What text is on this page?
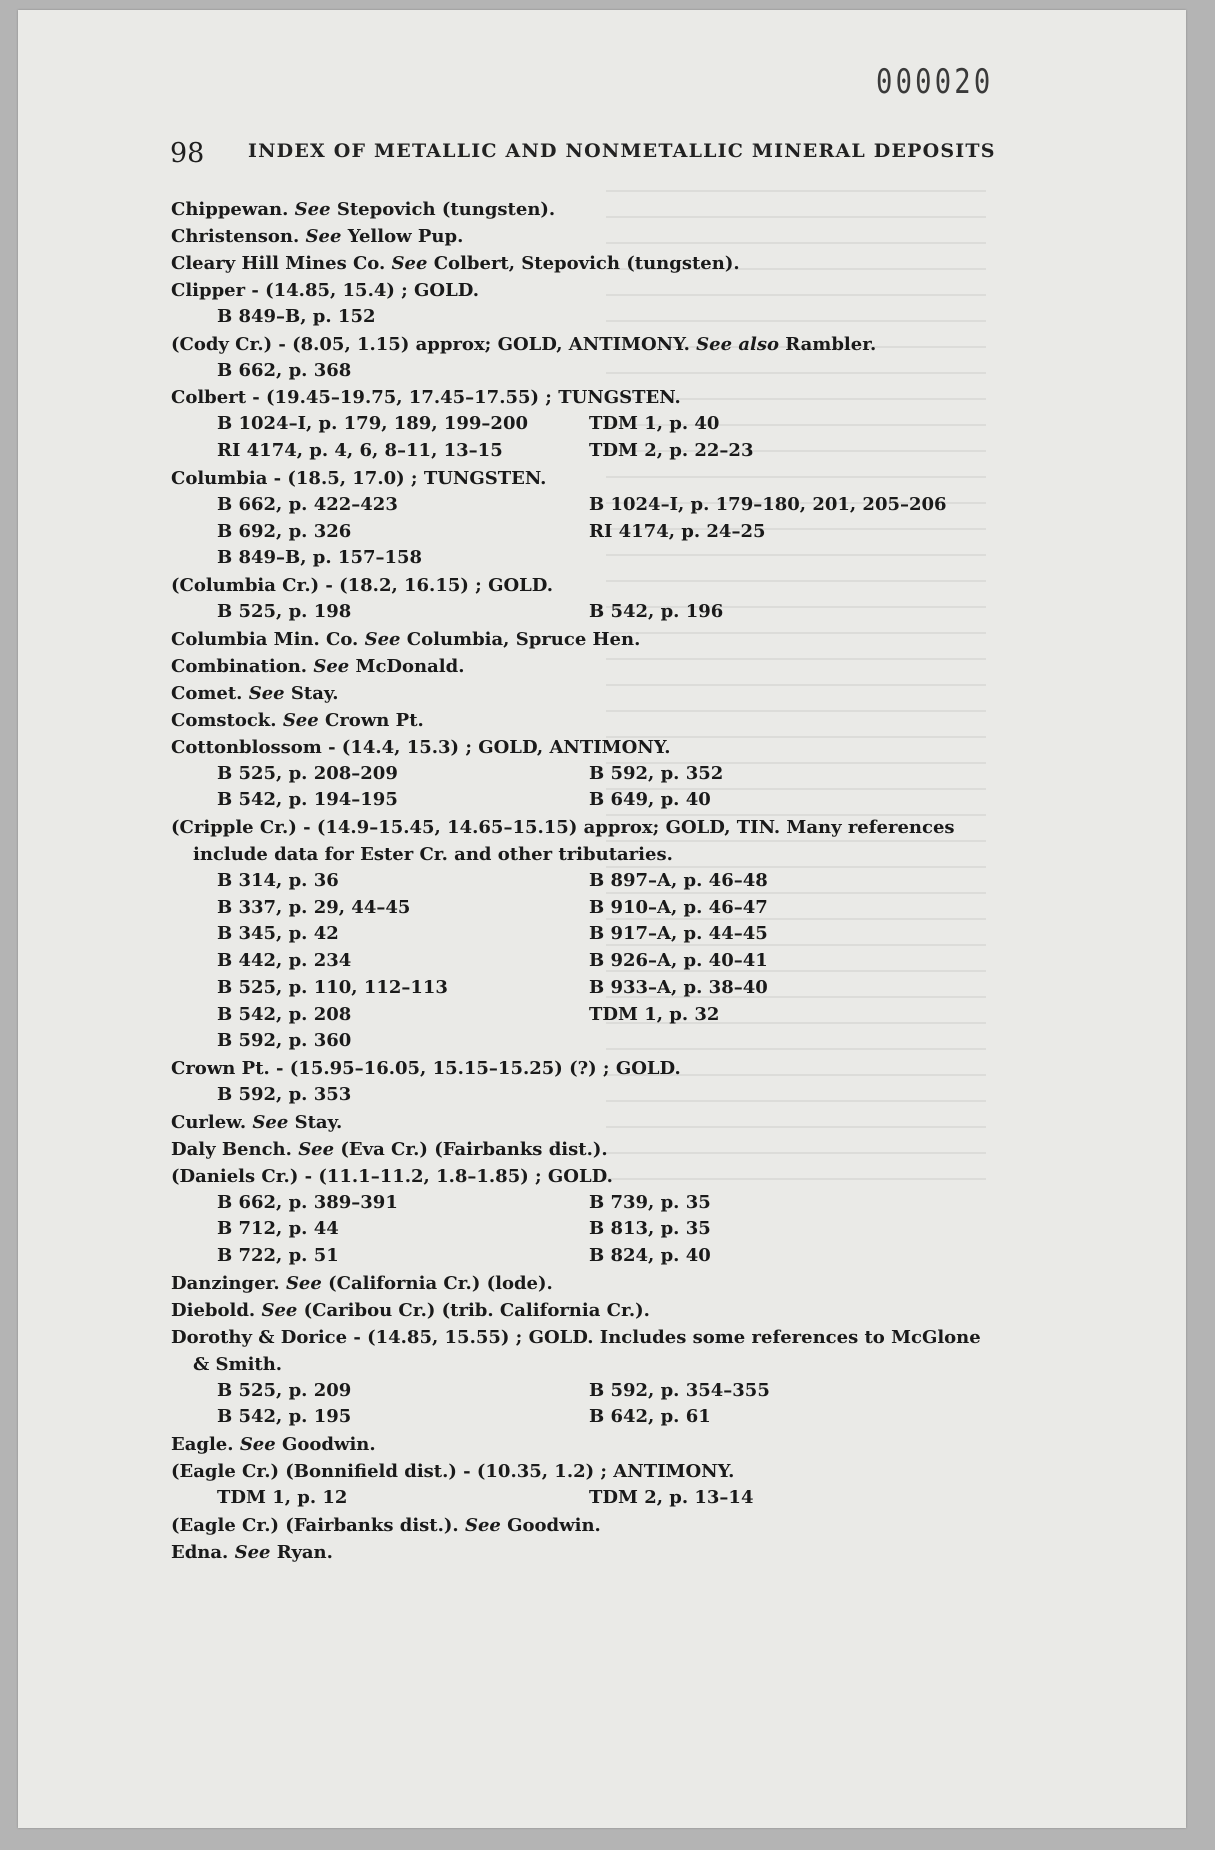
000020
98 INDEX OF METALLIC AND NONMETALLIC MINERAL DEPOSITS
Chippewan. See Stepovich (tungsten).
Christenson. See Yellow Pup.
Cleary Hill Mines Co. See Colbert, Stepovich (tungsten).
Clipper - (14.85, 15.4) ; GOLD.
B 849–B, p. 152
(Cody Cr.) - (8.05, 1.15) approx; GOLD, ANTIMONY. See also Rambler.
B 662, p. 368
Colbert - (19.45–19.75, 17.45–17.55) ; TUNGSTEN.
B 1024–I, p. 179, 189, 199–200	TDM 1, p. 40
RI 4174, p. 4, 6, 8–11, 13–15	TDM 2, p. 22–23
Columbia - (18.5, 17.0) ; TUNGSTEN.
B 662, p. 422–423	B 1024–I, p. 179–180, 201, 205–206
B 692, p. 326	RI 4174, p. 24–25
B 849–B, p. 157–158
(Columbia Cr.) - (18.2, 16.15) ; GOLD.
B 525, p. 198	B 542, p. 196
Columbia Min. Co. See Columbia, Spruce Hen.
Combination. See McDonald.
Comet. See Stay.
Comstock. See Crown Pt.
Cottonblossom - (14.4, 15.3) ; GOLD, ANTIMONY.
B 525, p. 208–209	B 592, p. 352
B 542, p. 194–195	B 649, p. 40
(Cripple Cr.) - (14.9–15.45, 14.65–15.15) approx; GOLD, TIN. Many references
include data for Ester Cr. and other tributaries.
B 314, p. 36	B 897–A, p. 46–48
B 337, p. 29, 44–45	B 910–A, p. 46–47
B 345, p. 42	B 917–A, p. 44–45
B 442, p. 234	B 926–A, p. 40–41
B 525, p. 110, 112–113	B 933–A, p. 38–40
B 542, p. 208	TDM 1, p. 32
B 592, p. 360
Crown Pt. - (15.95–16.05, 15.15–15.25) (?) ; GOLD.
B 592, p. 353
Curlew. See Stay.
Daly Bench. See (Eva Cr.) (Fairbanks dist.).
(Daniels Cr.) - (11.1–11.2, 1.8–1.85) ; GOLD.
B 662, p. 389–391	B 739, p. 35
B 712, p. 44	B 813, p. 35
B 722, p. 51	B 824, p. 40
Danzinger. See (California Cr.) (lode).
Diebold. See (Caribou Cr.) (trib. California Cr.).
Dorothy & Dorice - (14.85, 15.55) ; GOLD. Includes some references to McGlone
& Smith.
B 525, p. 209	B 592, p. 354–355
B 542, p. 195	B 642, p. 61
Eagle. See Goodwin.
(Eagle Cr.) (Bonnifield dist.) - (10.35, 1.2) ; ANTIMONY.
TDM 1, p. 12	TDM 2, p. 13–14
(Eagle Cr.) (Fairbanks dist.). See Goodwin.
Edna. See Ryan.
